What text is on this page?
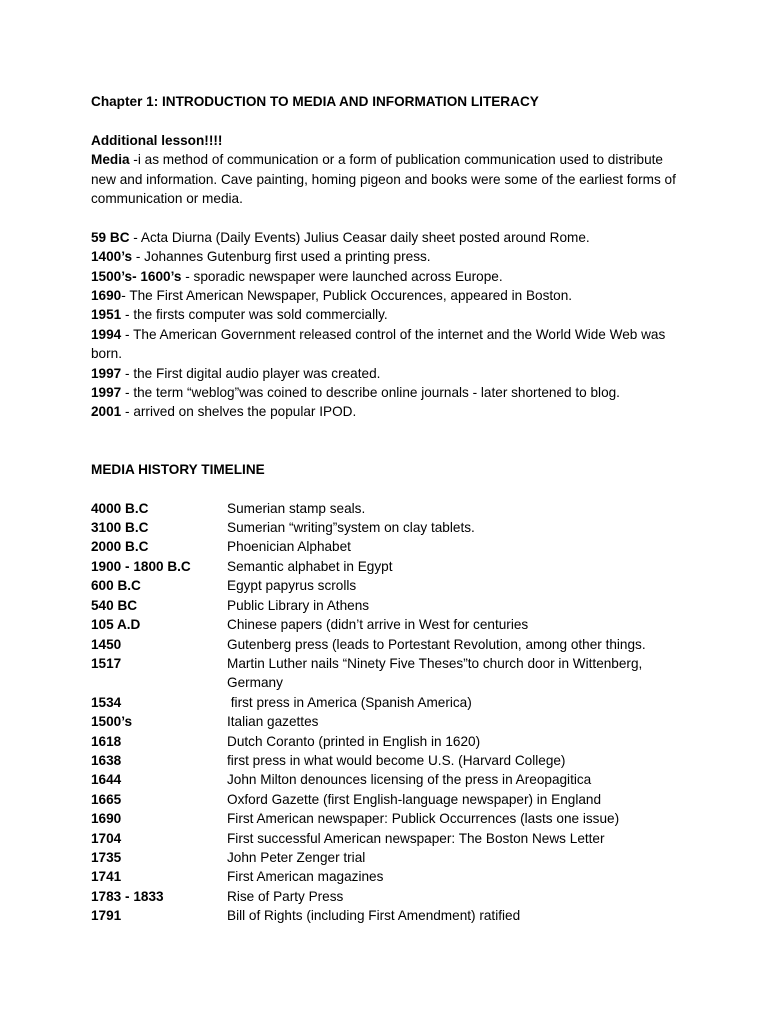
Chapter 1: INTRODUCTION TO MEDIA AND INFORMATION LITERACY

Additional lesson!!!!

Media -i as method of communication or a form of publication communication used to distribute new and information. Cave painting, homing pigeon and books were some of the earliest forms of communication or media.

59 BC - Acta Diurna (Daily Events) Julius Ceasar daily sheet posted around Rome.
1400’s - Johannes Gutenburg first used a printing press.
1500’s- 1600’s - sporadic newspaper were launched across Europe.
1690- The First American Newspaper, Publick Occurences, appeared in Boston.
1951 - the firsts computer was sold commercially.
1994 - The American Government released control of the internet and the World Wide Web was born.
1997 - the First digital audio player was created.
1997 - the term “weblog”was coined to describe online journals - later shortened to blog.
2001 - arrived on shelves the popular IPOD.

MEDIA HISTORY TIMELINE

4000 B.C	Sumerian stamp seals.
3100 B.C	Sumerian “writing”system on clay tablets.
2000 B.C	Phoenician Alphabet
1900 - 1800 B.C	Semantic alphabet in Egypt
600 B.C	Egypt papyrus scrolls
540 BC	Public Library in Athens
105 A.D	Chinese papers (didn’t arrive in West for centuries
1450	Gutenberg press (leads to Portestant Revolution, among other things.
1517	Martin Luther nails “Ninety Five Theses”to church door in Wittenberg, Germany
1534	first press in America (Spanish America)
1500’s	Italian gazettes
1618	Dutch Coranto (printed in English in 1620)
1638	first press in what would become U.S. (Harvard College)
1644	John Milton denounces licensing of the press in Areopagitica
1665	Oxford Gazette (first English-language newspaper) in England
1690	First American newspaper: Publick Occurrences (lasts one issue)
1704	First successful American newspaper: The Boston News Letter
1735	John Peter Zenger trial
1741	First American magazines
1783 - 1833	Rise of Party Press
1791	Bill of Rights (including First Amendment) ratified
